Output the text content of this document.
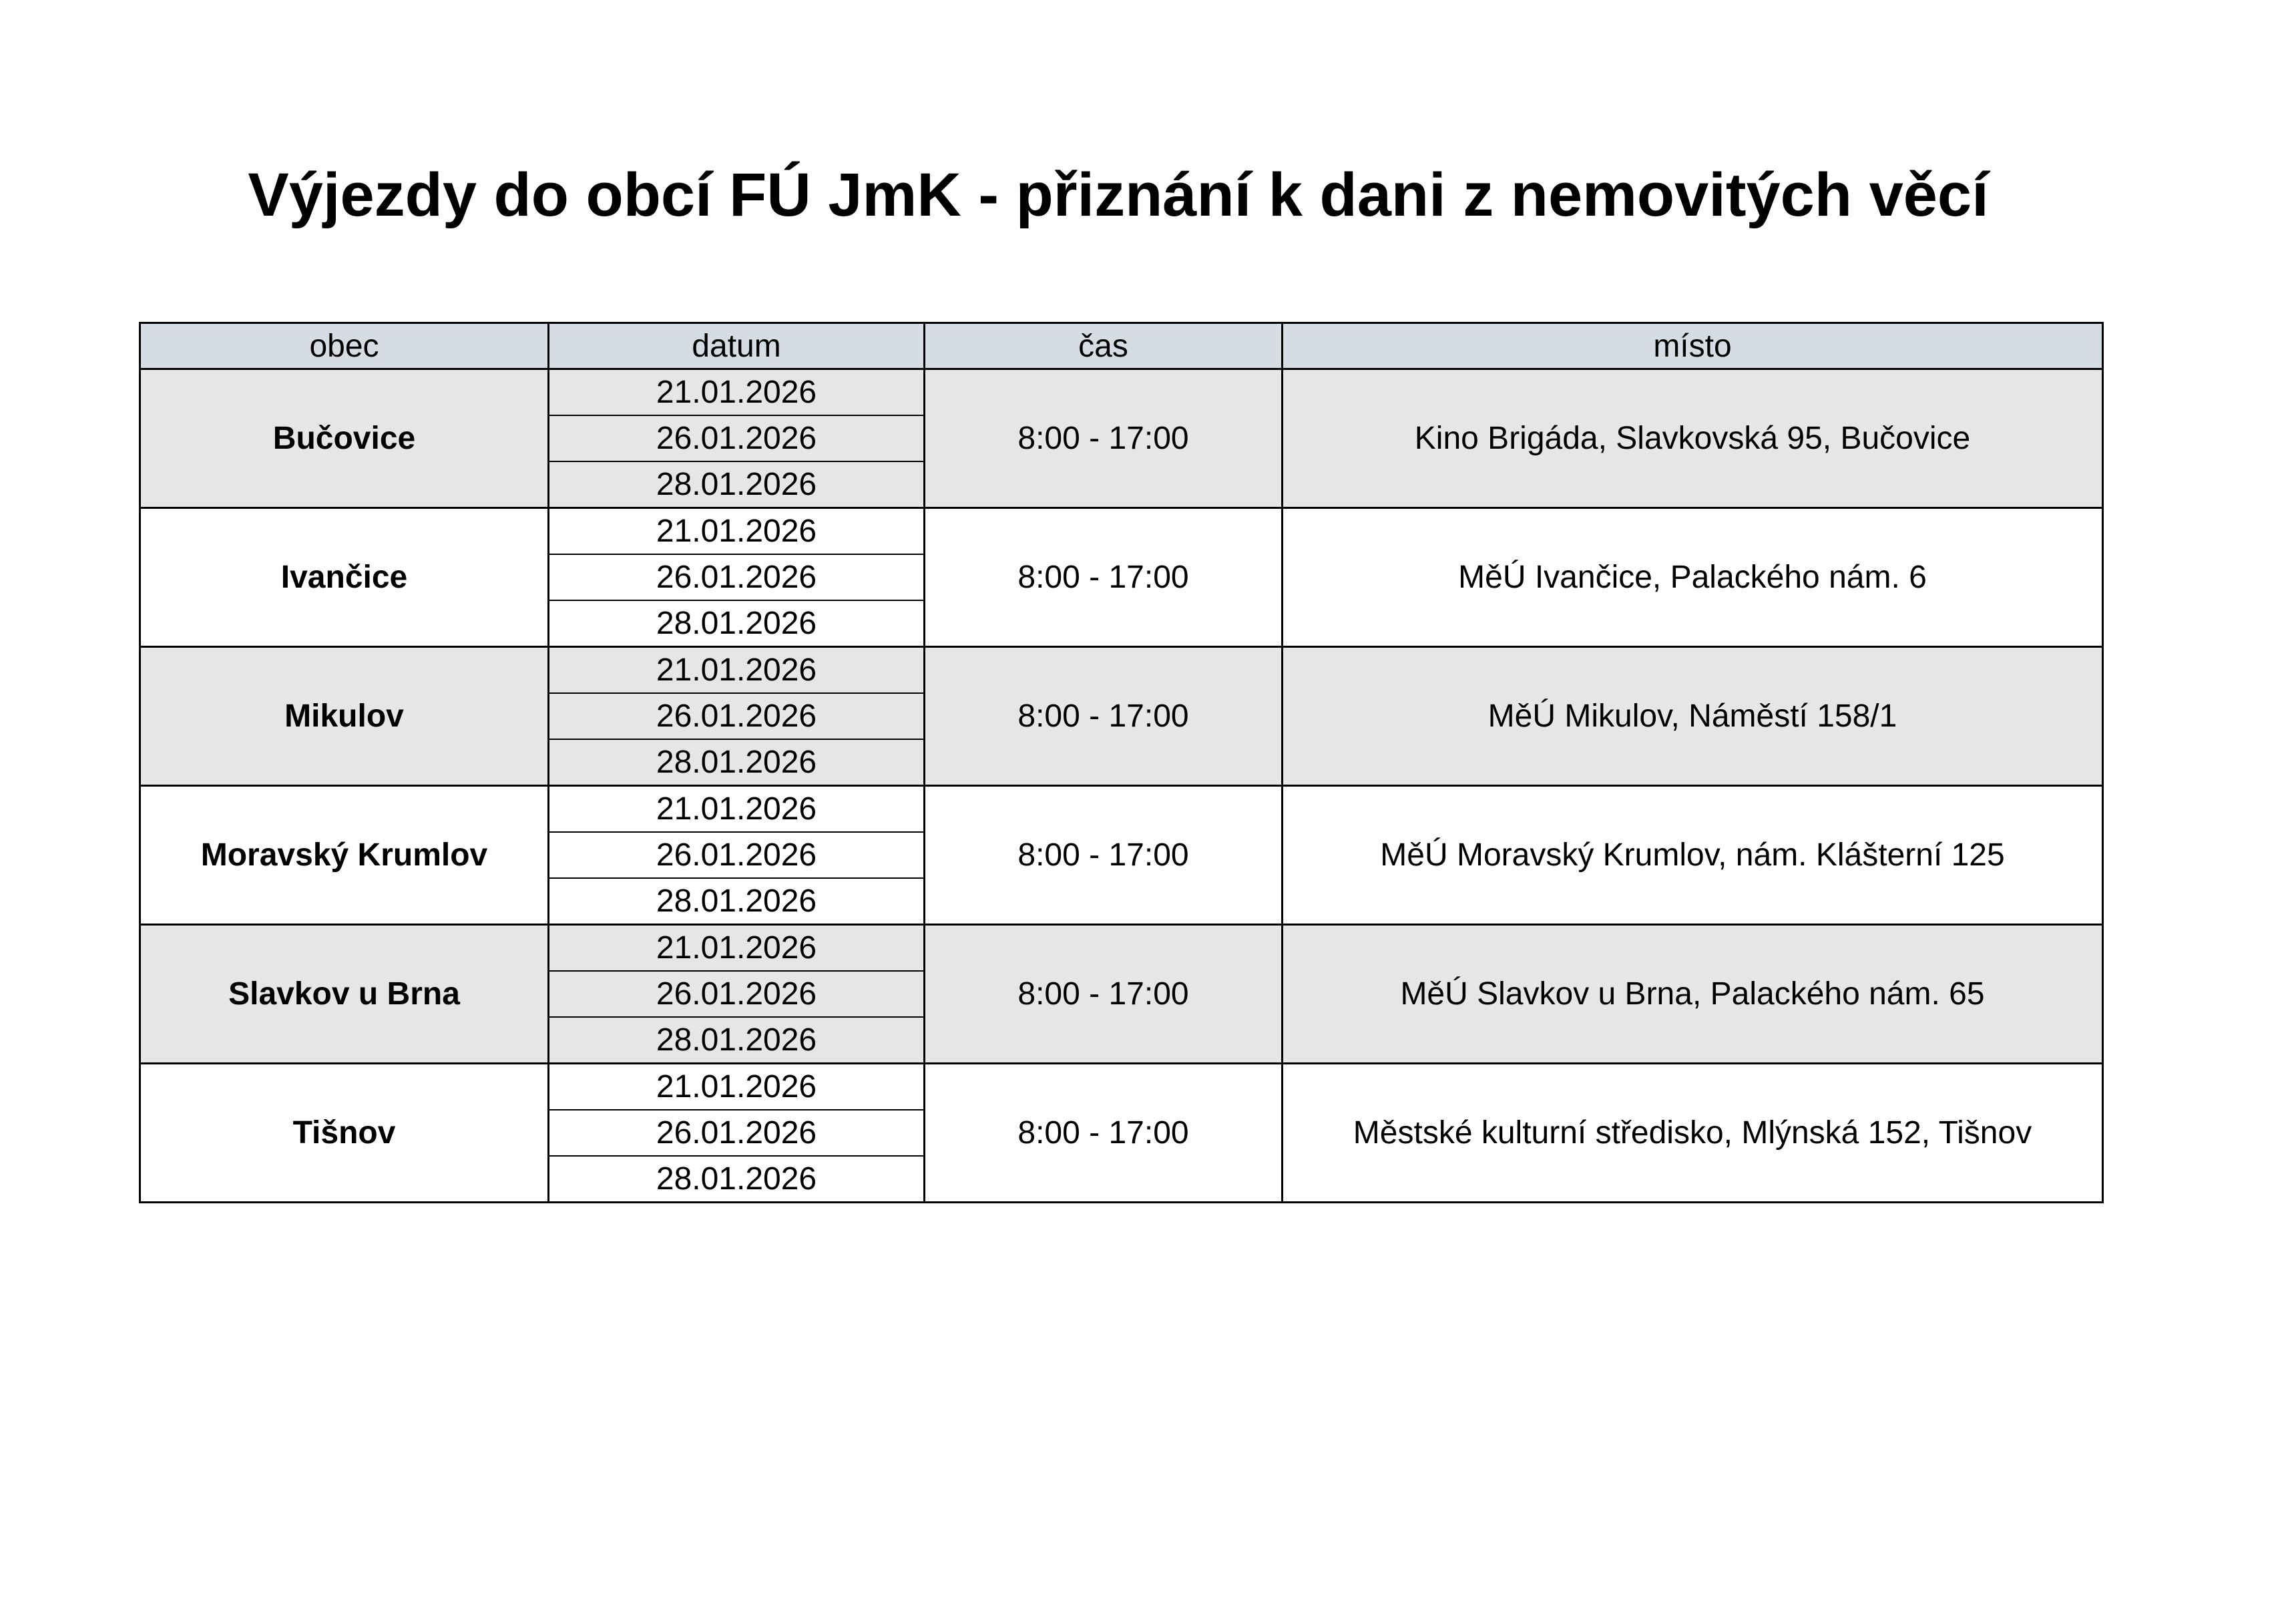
Výjezdy do obcí FÚ JmK - přiznání k dani z nemovitých věcí
obec	datum	čas	místo
Bučovice	21.01.2026	8:00 - 17:00	Kino Brigáda, Slavkovská 95, Bučovice
	26.01.2026		
	28.01.2026		
Ivančice	21.01.2026	8:00 - 17:00	MěÚ Ivančice, Palackého nám. 6
	26.01.2026		
	28.01.2026		
Mikulov	21.01.2026	8:00 - 17:00	MěÚ Mikulov, Náměstí 158/1
	26.01.2026		
	28.01.2026		
Moravský Krumlov	21.01.2026	8:00 - 17:00	MěÚ Moravský Krumlov, nám. Klášterní 125
	26.01.2026		
	28.01.2026		
Slavkov u Brna	21.01.2026	8:00 - 17:00	MěÚ Slavkov u Brna, Palackého nám. 65
	26.01.2026		
	28.01.2026		
Tišnov	21.01.2026	8:00 - 17:00	Městské kulturní středisko, Mlýnská 152, Tišnov
	26.01.2026		
	28.01.2026		
